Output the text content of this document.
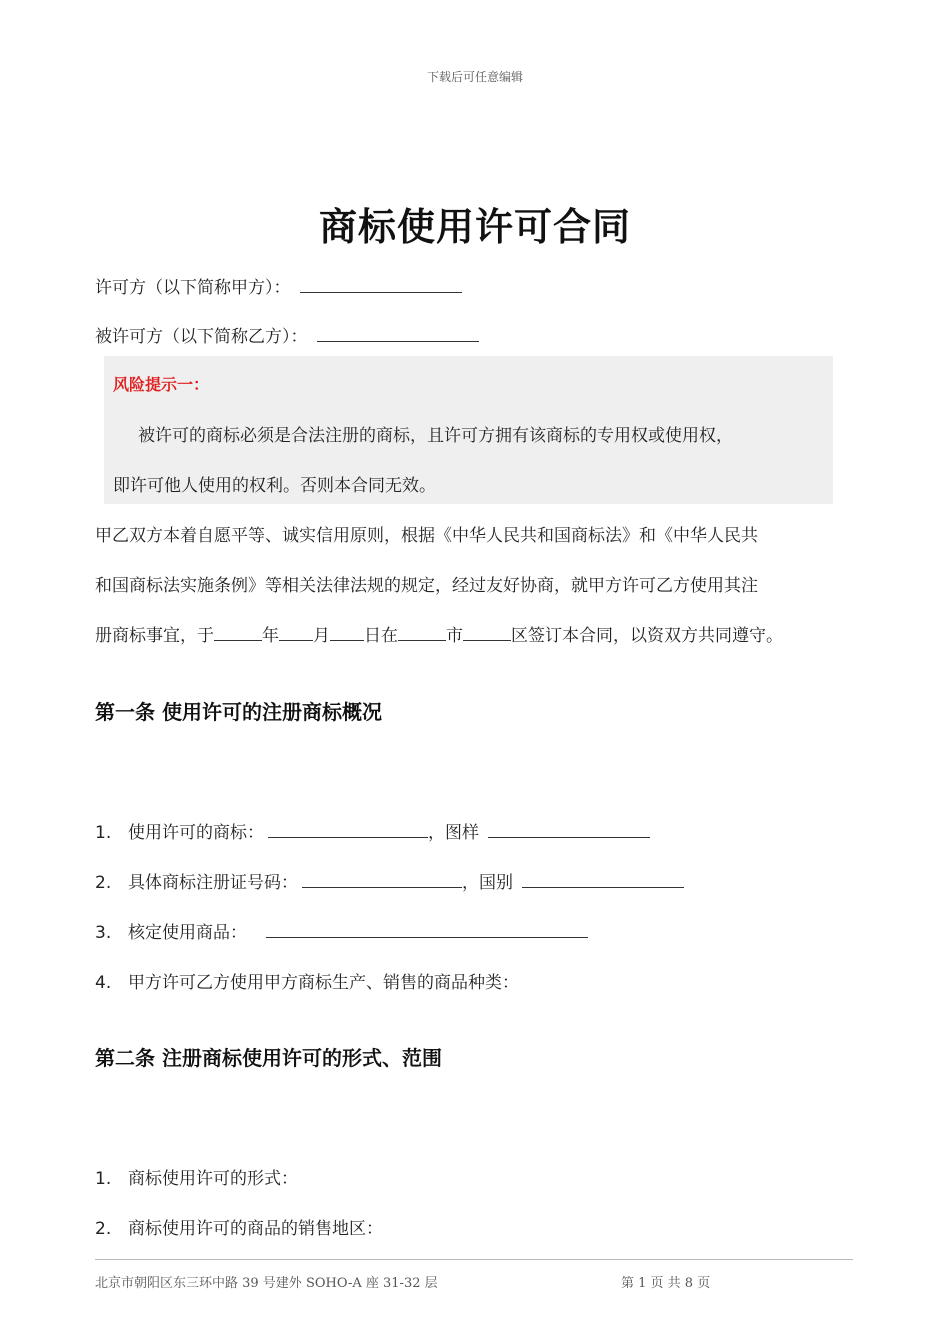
下载后可任意编辑
商标使用许可合同
许可方（以下简称甲方）：
被许可方（以下简称乙方）：
风险提示一：
被许可的商标必须是合法注册的商标，且许可方拥有该商标的专用权或使用权，
即许可他人使用的权利。否则本合同无效。
甲乙双方本着自愿平等、诚实信用原则，根据《中华人民共和国商标法》和《中华人民共
和国商标法实施条例》等相关法律法规的规定，经过友好协商，就甲方许可乙方使用其注
册商标事宜，于	年 月 日在	市	区签订本合同，以资双方共同遵守。
第一条 使用许可的注册商标概况
1. 使用许可的商标：	，图样
2. 具体商标注册证号码：	，国别
3. 核定使用商品：
4. 甲方许可乙方使用甲方商标生产、销售的商品种类：
第二条 注册商标使用许可的形式、范围
1. 商标使用许可的形式：
2. 商标使用许可的商品的销售地区：
北京市朝阳区东三环中路 39 号建外 SOHO-A 座 31-32 层	第 1 页 共 8 页
